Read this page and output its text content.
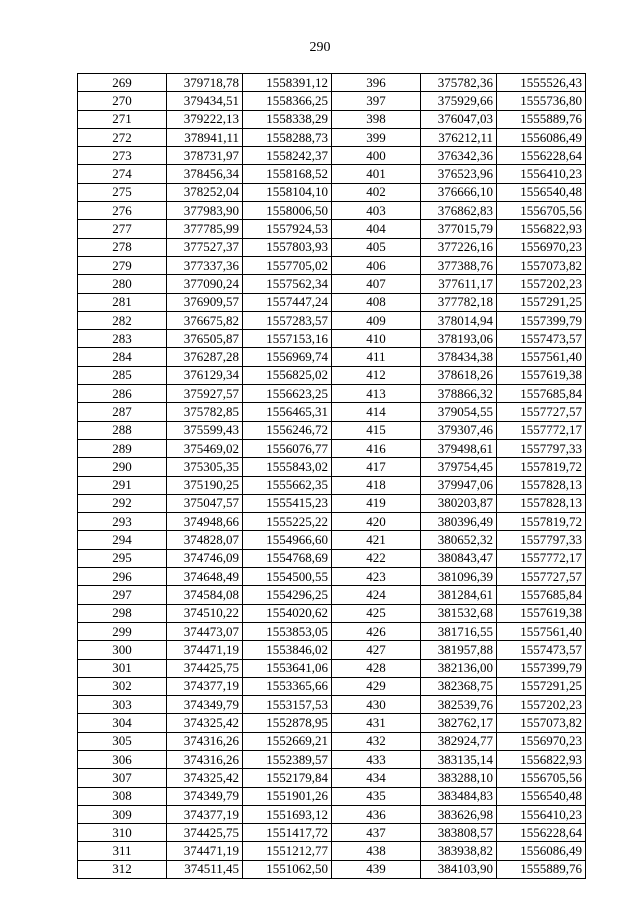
290
269	379718,78	1558391,12	396	375782,36	1555526,43
270	379434,51	1558366,25	397	375929,66	1555736,80
271	379222,13	1558338,29	398	376047,03	1555889,76
272	378941,11	1558288,73	399	376212,11	1556086,49
273	378731,97	1558242,37	400	376342,36	1556228,64
274	378456,34	1558168,52	401	376523,96	1556410,23
275	378252,04	1558104,10	402	376666,10	1556540,48
276	377983,90	1558006,50	403	376862,83	1556705,56
277	377785,99	1557924,53	404	377015,79	1556822,93
278	377527,37	1557803,93	405	377226,16	1556970,23
279	377337,36	1557705,02	406	377388,76	1557073,82
280	377090,24	1557562,34	407	377611,17	1557202,23
281	376909,57	1557447,24	408	377782,18	1557291,25
282	376675,82	1557283,57	409	378014,94	1557399,79
283	376505,87	1557153,16	410	378193,06	1557473,57
284	376287,28	1556969,74	411	378434,38	1557561,40
285	376129,34	1556825,02	412	378618,26	1557619,38
286	375927,57	1556623,25	413	378866,32	1557685,84
287	375782,85	1556465,31	414	379054,55	1557727,57
288	375599,43	1556246,72	415	379307,46	1557772,17
289	375469,02	1556076,77	416	379498,61	1557797,33
290	375305,35	1555843,02	417	379754,45	1557819,72
291	375190,25	1555662,35	418	379947,06	1557828,13
292	375047,57	1555415,23	419	380203,87	1557828,13
293	374948,66	1555225,22	420	380396,49	1557819,72
294	374828,07	1554966,60	421	380652,32	1557797,33
295	374746,09	1554768,69	422	380843,47	1557772,17
296	374648,49	1554500,55	423	381096,39	1557727,57
297	374584,08	1554296,25	424	381284,61	1557685,84
298	374510,22	1554020,62	425	381532,68	1557619,38
299	374473,07	1553853,05	426	381716,55	1557561,40
300	374471,19	1553846,02	427	381957,88	1557473,57
301	374425,75	1553641,06	428	382136,00	1557399,79
302	374377,19	1553365,66	429	382368,75	1557291,25
303	374349,79	1553157,53	430	382539,76	1557202,23
304	374325,42	1552878,95	431	382762,17	1557073,82
305	374316,26	1552669,21	432	382924,77	1556970,23
306	374316,26	1552389,57	433	383135,14	1556822,93
307	374325,42	1552179,84	434	383288,10	1556705,56
308	374349,79	1551901,26	435	383484,83	1556540,48
309	374377,19	1551693,12	436	383626,98	1556410,23
310	374425,75	1551417,72	437	383808,57	1556228,64
311	374471,19	1551212,77	438	383938,82	1556086,49
312	374511,45	1551062,50	439	384103,90	1555889,76
